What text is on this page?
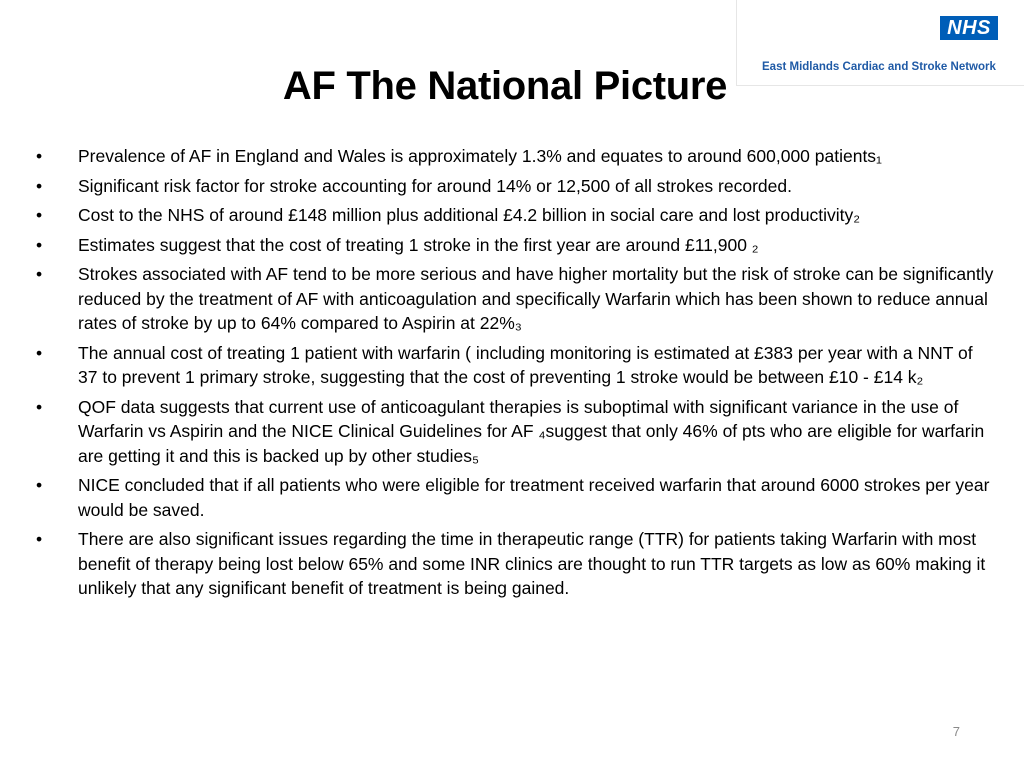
NHS
East Midlands Cardiac and Stroke Network
AF The National Picture
•	Prevalence of AF in England and Wales is approximately 1.3% and equates to around 600,000 patients₁
•	Significant risk factor for stroke accounting for around 14% or 12,500 of all strokes recorded.
•	Cost to the NHS of around £148 million plus additional £4.2 billion in social care and lost productivity₂
•	Estimates suggest that the cost of treating 1 stroke in the first year are around £11,900 ₂
•	Strokes associated with AF tend to be more serious and have higher mortality but the risk of stroke can be significantly reduced by the treatment of AF with anticoagulation and specifically Warfarin which has been shown to reduce annual rates of stroke by up to 64% compared to Aspirin at 22%₃
•	The annual cost of treating 1 patient with warfarin ( including monitoring is estimated at £383 per year with a NNT of 37 to prevent 1 primary stroke, suggesting that the cost of preventing 1 stroke would be between £10 - £14 k₂
•	QOF data suggests that current use of anticoagulant therapies is suboptimal with significant variance in the use of Warfarin vs Aspirin and the NICE Clinical Guidelines for AF ₄suggest that only 46% of pts who are eligible for warfarin are getting it and this is backed up by other studies₅
•	NICE concluded that if all patients who were eligible for treatment received warfarin that around 6000 strokes per year would be saved.
•	There are also significant issues regarding the time in therapeutic range (TTR) for patients taking Warfarin with most benefit of therapy being lost below 65% and some INR clinics are thought to run TTR targets as low as 60% making it unlikely that any significant benefit of treatment is being gained.
7
